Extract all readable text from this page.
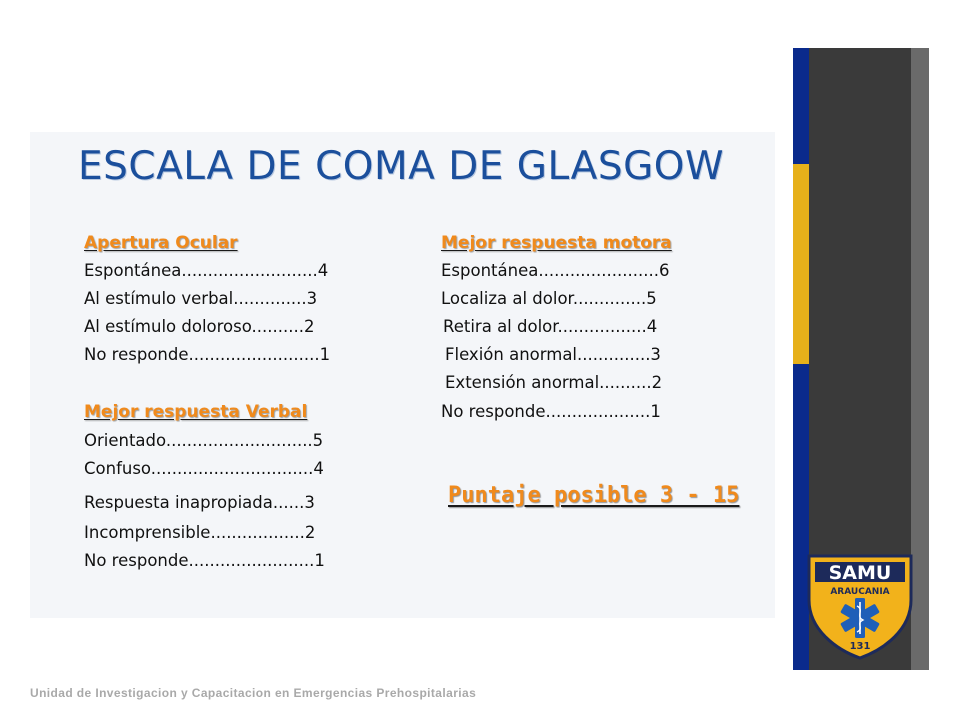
ESCALA DE COMA DE GLASGOW
Apertura Ocular

Espontánea..........................4

Al estímulo verbal..............3

Al estímulo doloroso..........2

No responde.........................1

Mejor respuesta Verbal

Orientado............................5

Confuso...............................4

Respuesta inapropiada......3

Incomprensible..................2

No responde........................1

Mejor respuesta motora

Espontánea.......................6

Localiza al dolor..............5

Retira al dolor.................4

Flexión anormal..............3

Extensión anormal..........2

No responde....................1

Puntaje posible 3 - 15

SAMU
ARAUCANIA
131

Unidad de Investigacion y Capacitacion en Emergencias Prehospitalarias
